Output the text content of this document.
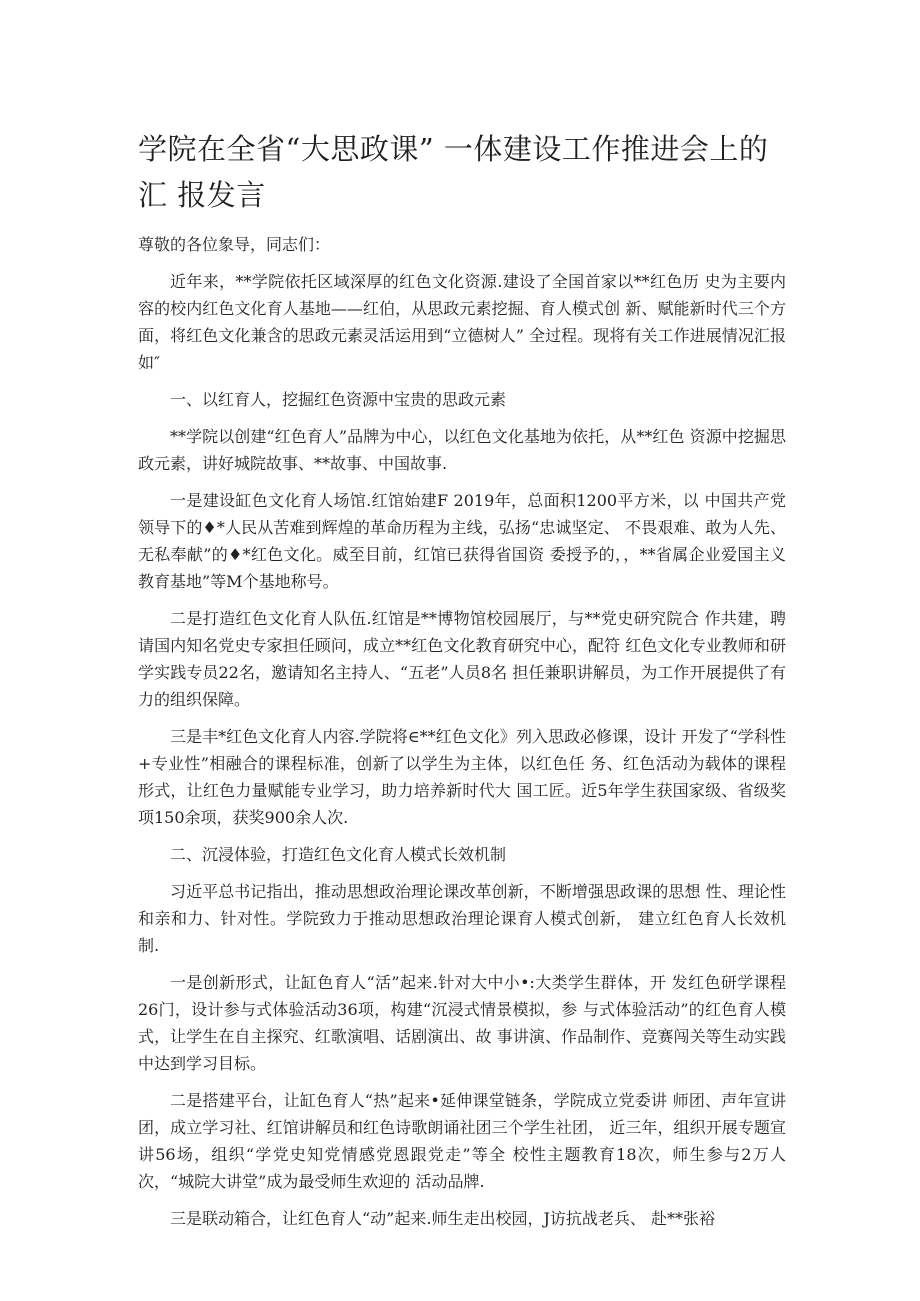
学院在全省“大思政课” 一体建设工作推进会上的汇 报发言

尊敬的各位象导，同志们：

近年来，**学院依托区域深厚的红色文化资源.建设了全国首家以**红色历 史为主要内容的校内红色文化育人基地——红伯，从思政元素挖掘、育人模式创 新、赋能新时代三个方面，将红色文化兼含的思政元素灵活运用到“立德树人” 全过程。现将有关工作进展情况汇报如″

一、以红育人，挖掘红色资源中宝贵的思政元素

**学院以创建“红色育人”品牌为中心，以红色文化基地为依托，从**红色 资源中挖掘思政元素，讲好城院故事、**故事、中国故事.

一是建设缸色文化育人场馆.红馆始建F 2019年，总面积1200平方米，以 中国共产党领导下的♦*人民从苦难到辉煌的革命历程为主线，弘扬“忠诚坚定、 不畏艰难、敢为人先、无私奉献”的♦*红色文化。威至目前，红馆已获得省国资 委授予的，，**省属企业爱国主义教育基地”等M个基地称号。

二是打造红色文化育人队伍.红馆是**博物馆校园展厅，与**党史研究院合 作共建，聘请国内知名党史专家担任顾问，成立**红色文化教育研究中心，配符 红色文化专业教师和研学实践专员22名，邀请知名主持人、“五老”人员8名 担任兼职讲解员，为工作开展提供了有力的组织保障。

三是丰*红色文化育人内容.学院将∈**红色文化》列入思政必修课，设计 开发了“学科性+专业性”相融合的课程标准，创新了以学生为主体，以红色任 务、红色活动为载体的课程形式，让红色力量赋能专业学习，助力培养新时代大 国工匠。近5年学生获国家级、省级奖项150余项，获奖900余人次.

二、沉浸体验，打造红色文化育人模式长效机制

习近平总书记指出，推动思想政治理论课改革创新，不断增强思政课的思想 性、理论性和亲和力、针对性。学院致力于推动思想政治理论课育人模式创新， 建立红色育人长效机制.

一是创新形式，让缸色育人“活”起来.针对大中小•:大类学生群体，开 发红色研学课程26门，设计参与式体验活动36项，构建“沉浸式情景模拟，参 与式体验活动”的红色育人模式，让学生在自主探究、红歌演唱、话剧演出、故 事讲演、作品制作、竞赛闯关等生动实践中达到学习目标。

二是搭建平台，让缸色育人“热”起来•延伸课堂链条，学院成立党委讲 师团、声年宣讲团，成立学习社、红馆讲解员和红色诗歌朗诵社团三个学生社团， 近三年，组织开展专题宣讲56场，组织“学党史知党情感党恩跟党走”等全 校性主题教育18次，师生参与2万人次，“城院大讲堂”成为最受师生欢迎的 活动品牌.

三是联动箱合，让红色育人“动”起来.师生走出校园，J访抗战老兵、 赴**张裕
